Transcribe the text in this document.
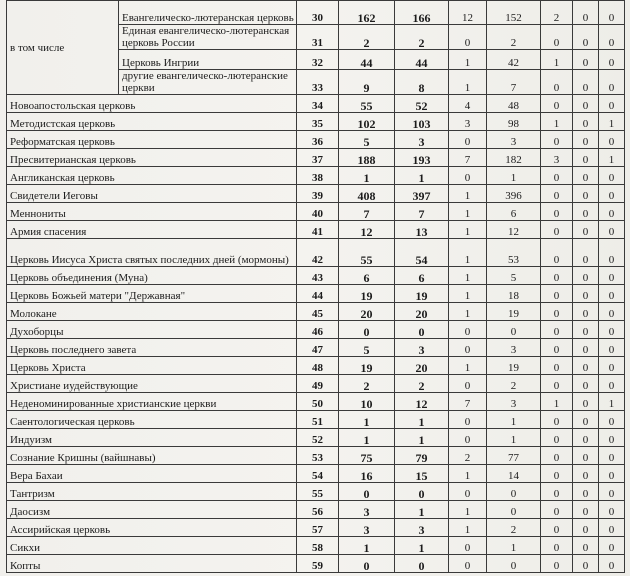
в том числе	Евангелическо-лютеранская церковь	30	162	166	12	152	2	0	0
	Единая евангелическо-лютеранская церковь России	31	2	2	0	2	0	0	0
	Церковь Ингрии	32	44	44	1	42	1	0	0
	другие евангелическо-лютеранские церкви	33	9	8	1	7	0	0	0
Новоапостольская церковь		34	55	52	4	48	0	0	0
Методистская церковь		35	102	103	3	98	1	0	1
Реформатская церковь		36	5	3	0	3	0	0	0
Пресвитерианская церковь		37	188	193	7	182	3	0	1
Англиканская церковь		38	1	1	0	1	0	0	0
Свидетели Иеговы		39	408	397	1	396	0	0	0
Меннониты		40	7	7	1	6	0	0	0
Армия спасения		41	12	13	1	12	0	0	0
Церковь Иисуса Христа святых последних дней (мормоны)		42	55	54	1	53	0	0	0
Церковь объединения (Муна)		43	6	6	1	5	0	0	0
Церковь Божьей матери "Державная"		44	19	19	1	18	0	0	0
Молокане		45	20	20	1	19	0	0	0
Духоборцы		46	0	0	0	0	0	0	0
Церковь последнего завета		47	5	3	0	3	0	0	0
Церковь Христа		48	19	20	1	19	0	0	0
Христиане иудействующие		49	2	2	0	2	0	0	0
Неденоминированные христианские церкви		50	10	12	7	3	1	0	1
Саентологическая церковь		51	1	1	0	1	0	0	0
Индуизм		52	1	1	0	1	0	0	0
Сознание Кришны (вайшнавы)		53	75	79	2	77	0	0	0
Вера Бахаи		54	16	15	1	14	0	0	0
Тантризм		55	0	0	0	0	0	0	0
Даосизм		56	3	1	1	0	0	0	0
Ассирийская церковь		57	3	3	1	2	0	0	0
Сикхи		58	1	1	0	1	0	0	0
Копты		59	0	0	0	0	0	0	0
